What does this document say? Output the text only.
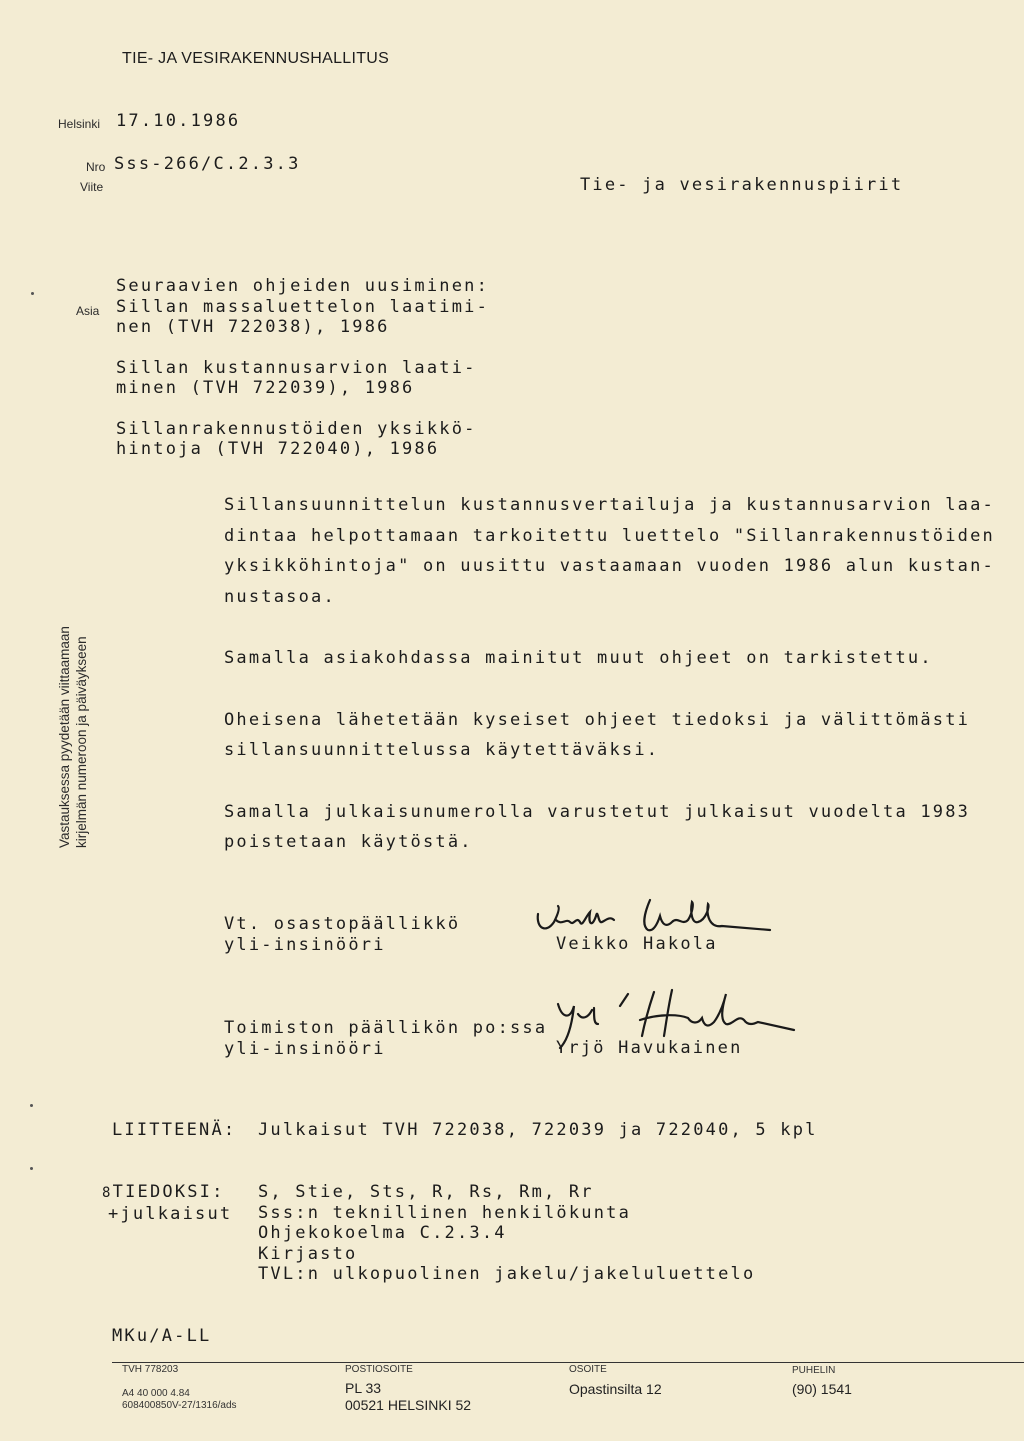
TIE- JA VESIRAKENNUSHALLITUS
Helsinki 17.10.1986
Nro Sss-266/C.2.3.3
Viite	Tie- ja vesirakennuspiirit
Asia
Seuraavien ohjeiden uusiminen:
Sillan massaluettelon laatimi-
nen (TVH 722038), 1986
Sillan kustannusarvion laati-
minen (TVH 722039), 1986
Sillanrakennustöiden yksikkö-
hintoja (TVH 722040), 1986

Sillansuunnittelun kustannusvertailuja ja kustannusarvion laa-
dintaa helpottamaan tarkoitettu luettelo "Sillanrakennustöiden
yksikköhintoja" on uusittu vastaamaan vuoden 1986 alun kustan-
nustasoa.

Samalla asiakohdassa mainitut muut ohjeet on tarkistettu.

Oheisena lähetetään kyseiset ohjeet tiedoksi ja välittömästi
sillansuunnittelussa käytettäväksi.

Samalla julkaisunumerolla varustetut julkaisut vuodelta 1983
poistetaan käytöstä.

Vastauksessa pyydetään viittaamaan kirjelmän numeroon ja päiväykseen
Vt. osastopäällikkö
yli-insinööri	Veikko Hakola
Toimiston päällikön po:ssa
yli-insinööri	Yrjö Havukainen
LIITTEENÄ: Julkaisut TVH 722038, 722039 ja 722040, 5 kpl
8TIEDOKSI:
+julkaisut
S, Stie, Sts, R, Rs, Rm, Rr
Sss:n teknillinen henkilökunta
Ohjekokoelma C.2.3.4
Kirjasto
TVL:n ulkopuolinen jakelu/jakeluluettelo
MKu/A-LL
TVH 778203
A4 40 000 4.84
608400850V-27/1316/ads
POSTIOSOITE
PL 33
00521 HELSINKI 52
OSOITE
Opastinsilta 12
PUHELIN
(90) 1541
